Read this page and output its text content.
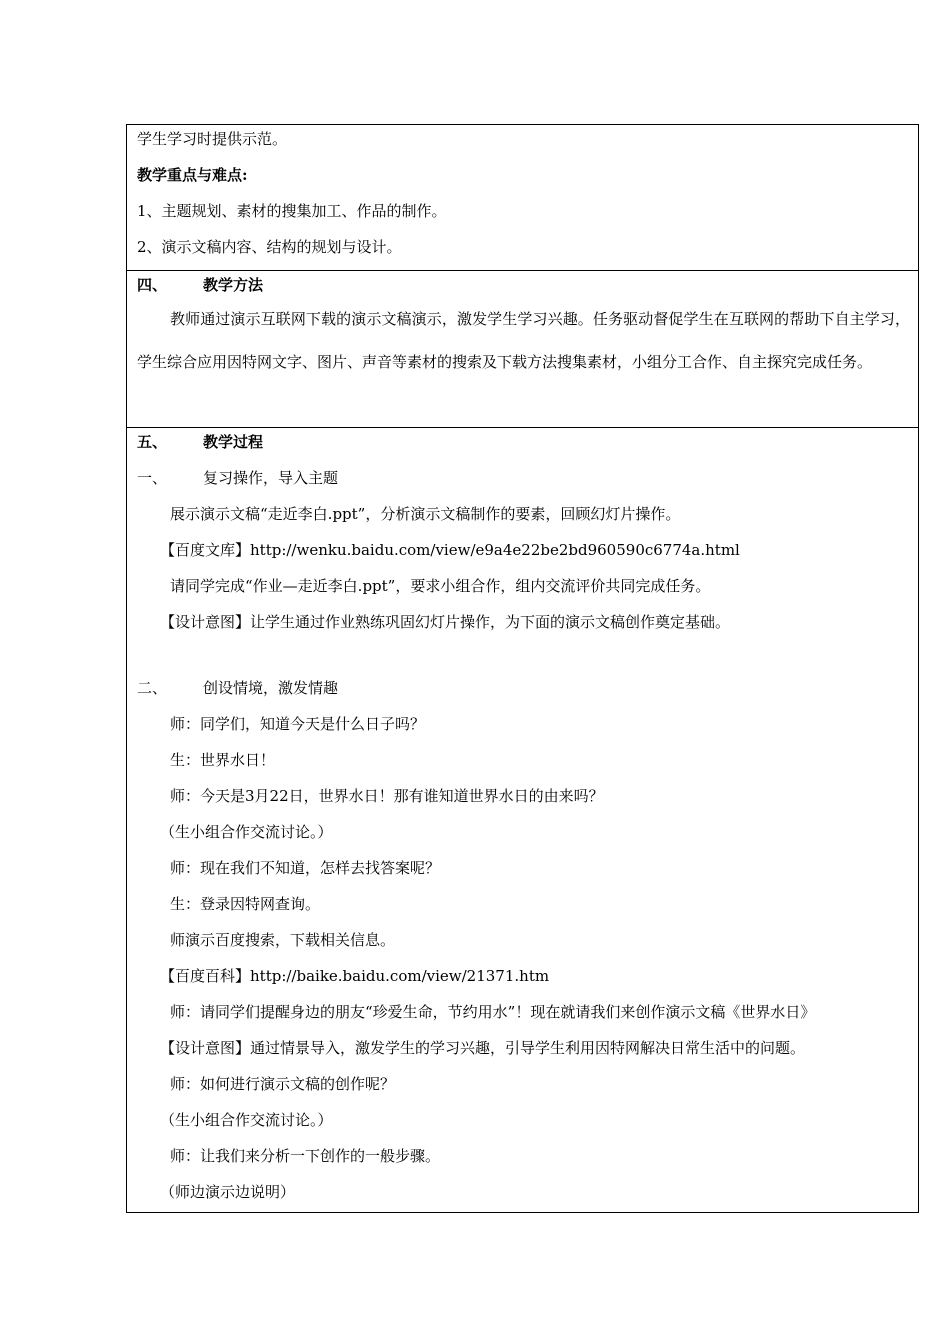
学生学习时提供示范。
教学重点与难点:
1、主题规划、素材的搜集加工、作品的制作。
2、演示文稿内容、结构的规划与设计。
四、 教学方法
教师通过演示互联网下载的演示文稿演示，激发学生学习兴趣。任务驱动督促学生在互联网的帮助下自主学习，学生综合应用因特网文字、图片、声音等素材的搜索及下载方法搜集素材，小组分工合作、自主探究完成任务。
五、 教学过程
一、 复习操作，导入主题
展示演示文稿“走近李白.ppt”，分析演示文稿制作的要素，回顾幻灯片操作。
【百度文库】http://wenku.baidu.com/view/e9a4e22be2bd960590c6774a.html
请同学完成“作业—走近李白.ppt”，要求小组合作，组内交流评价共同完成任务。
【设计意图】让学生通过作业熟练巩固幻灯片操作，为下面的演示文稿创作奠定基础。
二、 创设情境，激发情趣
师：同学们，知道今天是什么日子吗？
生：世界水日！
师：今天是3月22日，世界水日！那有谁知道世界水日的由来吗？
（生小组合作交流讨论。）
师：现在我们不知道，怎样去找答案呢？
生：登录因特网查询。
师演示百度搜索，下载相关信息。
【百度百科】http://baike.baidu.com/view/21371.htm
师：请同学们提醒身边的朋友“珍爱生命，节约用水”！现在就请我们来创作演示文稿《世界水日》
【设计意图】通过情景导入，激发学生的学习兴趣，引导学生利用因特网解决日常生活中的问题。
师：如何进行演示文稿的创作呢？
（生小组合作交流讨论。）
师：让我们来分析一下创作的一般步骤。
（师边演示边说明）
